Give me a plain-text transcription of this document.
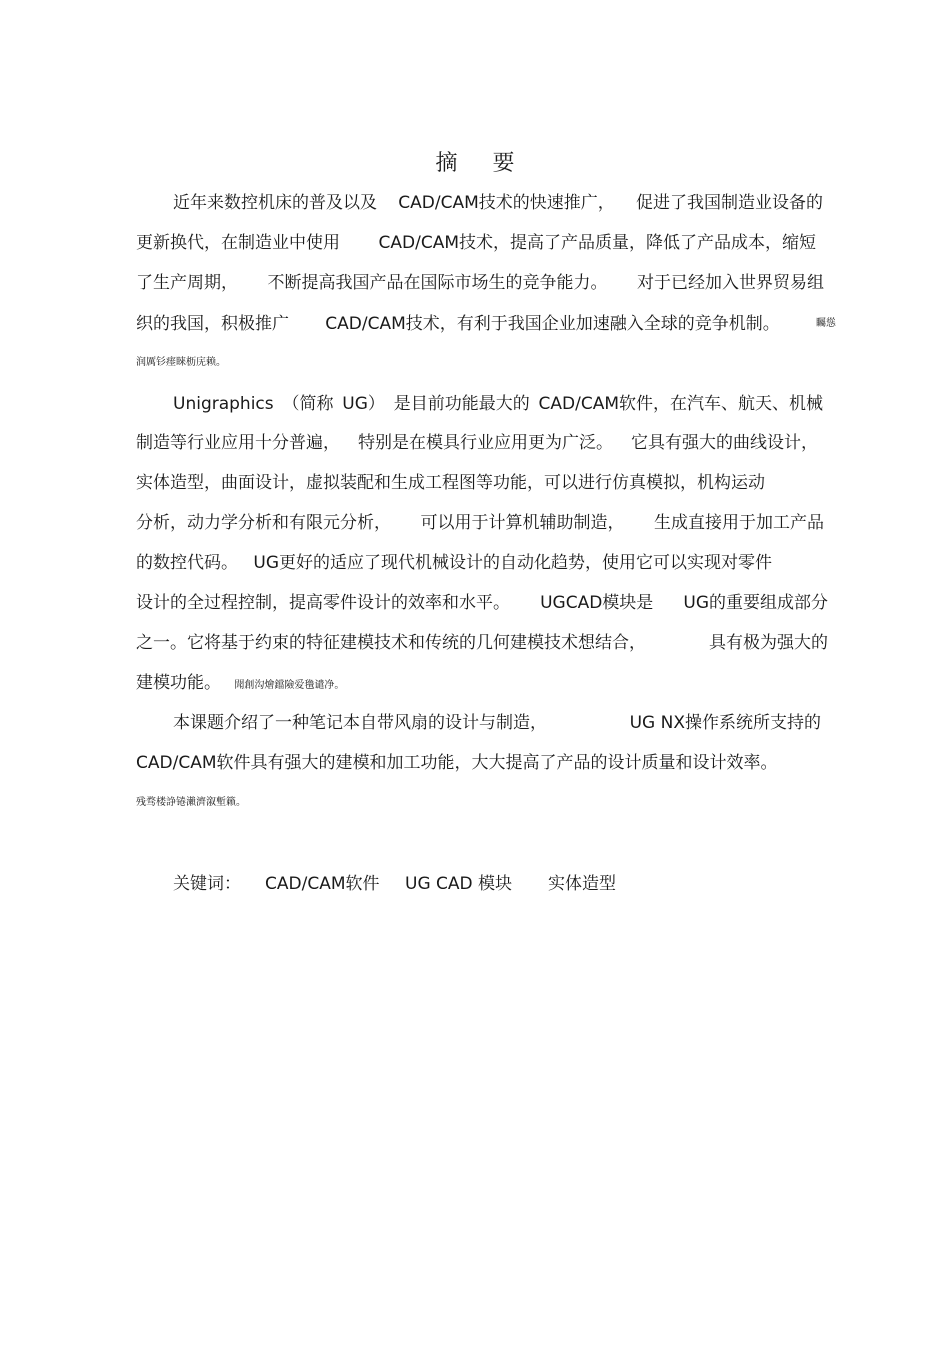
摘 要
近年来数控机床的普及以及 CAD/CAM技术的快速推广， 促进了我国制造业设备的
更新换代，在制造业中使用 CAD/CAM技术，提高了产品质量，降低了产品成本，缩短
了生产周期， 不断提高我国产品在国际市场生的竞争能力。 对于已经加入世界贸易组
织的我国，积极推广 CAD/CAM技术，有利于我国企业加速融入全球的竞争机制。	矚慫
润厲钐瘗睞枥庑赖。
Unigraphics （简称 UG） 是目前功能最大的 CAD/CAM软件，在汽车、航天、机械
制造等行业应用十分普遍， 特别是在模具行业应用更为广泛。 它具有强大的曲线设计，
实体造型，曲面设计，虚拟装配和生成工程图等功能，可以进行仿真模拟，机构运动
分析，动力学分析和有限元分析， 可以用于计算机辅助制造， 生成直接用于加工产品
的数控代码。 UG更好的适应了现代机械设计的自动化趋势，使用它可以实现对零件
设计的全过程控制，提高零件设计的效率和水平。 UGCAD模块是 UG的重要组成部分
之一。它将基于约束的特征建模技术和传统的几何建模技术想结合，	具有极为强大的
建模功能。 聞創沟燴鐺險爱氇谴净。
本课题介绍了一种笔记本自带风扇的设计与制造，	UG NX操作系统所支持的
CAD/CAM软件具有强大的建模和加工功能，大大提高了产品的设计质量和设计效率。
残骛楼諍锩瀨濟溆塹籟。
关键词： CAD/CAM软件 UG CAD 模块 实体造型
